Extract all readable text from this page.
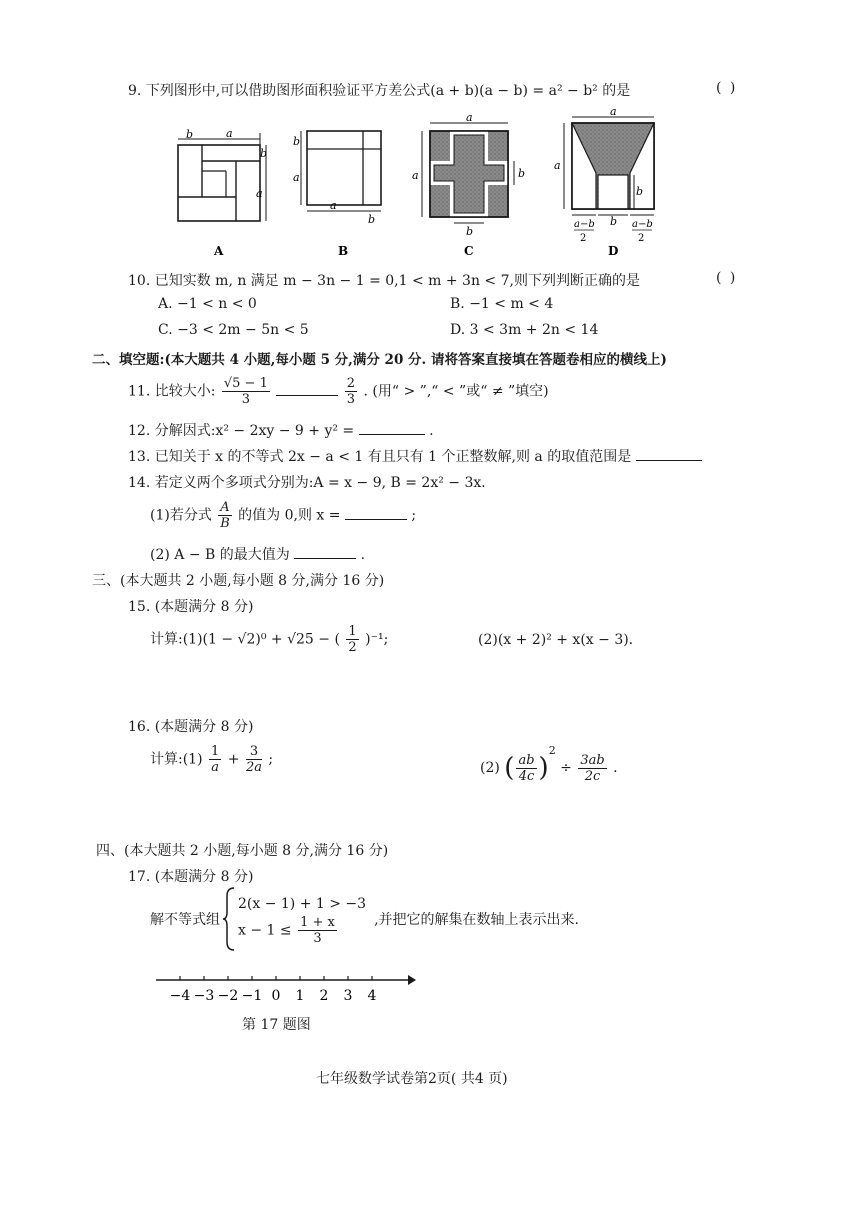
9. 下列图形中,可以借助图形面积验证平方差公式(a + b)(a − b) = a² − b² 的是	( )
b	a
b
a
A
b
a
a
b
B
a
a	b
b
C
a
a
b
b
a−b
2
a−b
2
D
10. 已知实数 m, n 满足 m − 3n − 1 = 0,1 < m + 3n < 7,则下列判断正确的是	( )
A. −1 < n < 0	B. −1 < m < 4
C. −3 < 2m − 5n < 5	D. 3 < 3m + 2n < 14
二、填空题:(本大题共 4 小题,每小题 5 分,满分 20 分. 请将答案直接填在答题卷相应的横线上)
11. 比较大小: $\frac{√5 - 1}{3}$
	$\frac{2}{3}$ . (用“ > ”,“ < ”或“ ≠ ”填空)
12. 分解因式:x² − 2xy − 9 + y² =	.
13. 已知关于 x 的不等式 2x − a < 1 有且只有 1 个正整数解,则 a 的取值范围是
14. 若定义两个多项式分别为:A = x − 9, B = 2x² − 3x.
(1)若分式 $\frac{A}{B}$ 的值为 0,则 x =	;
(2) A − B 的最大值为	.
三、(本大题共 2 小题,每小题 8 分,满分 16 分)
15. (本题满分 8 分)
计算:(1)(1 − √2)⁰ + √25 − ( $\frac{1}{2} )^{-1}$;	(2)(x + 2)² + x(x − 3).
16. (本题满分 8 分)
计算:(1) $\frac{1}{a} + \frac{3}{2a}$ ;
(2) ( $\frac{ab}{4c} )^2 \div \frac{3ab}{2c}$ .
四、(本大题共 2 小题,每小题 8 分,满分 16 分)
17. (本题满分 8 分)
解不等式组
2(x − 1) + 1 > −3
$x - 1 \le \frac{1 + x}{3}$	,并把它的解集在数轴上表示出来.
−4 −3 −2 −1 0 1 2 3 4
第 17 题图
七年级数学试卷第2页( 共4 页)
